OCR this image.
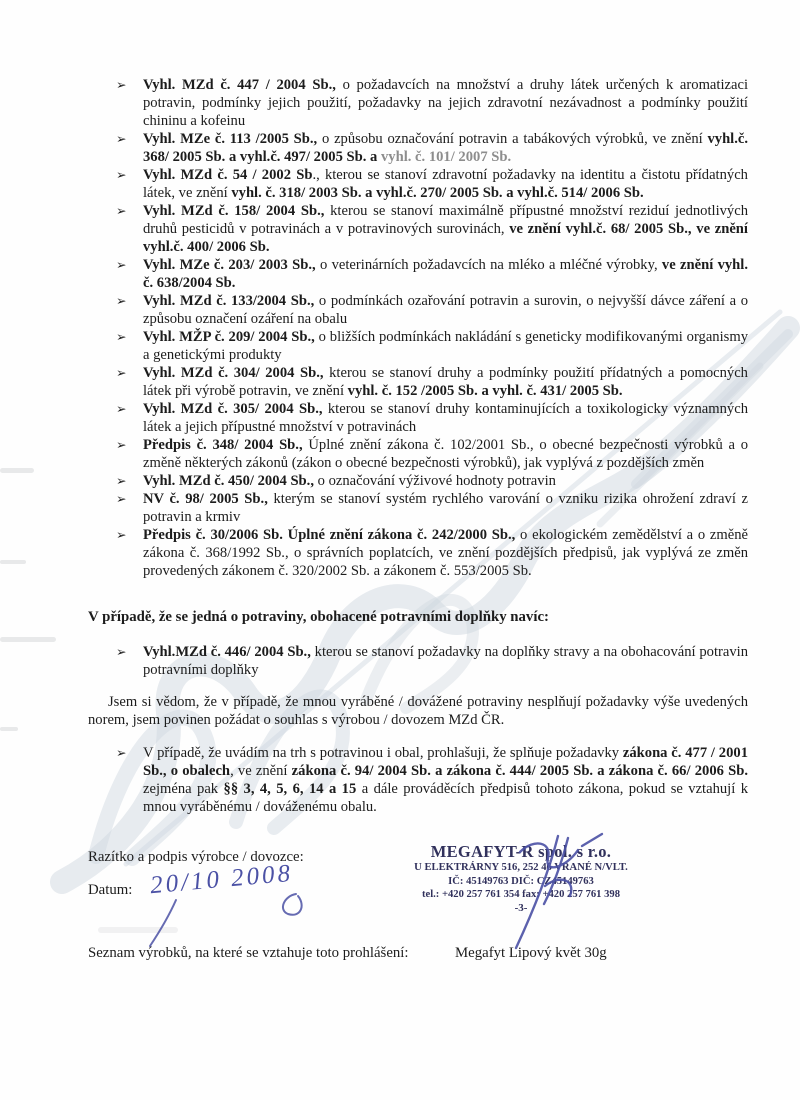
➢ Vyhl. MZd č. 447 / 2004 Sb., o požadavcích na množství a druhy látek určených k aromatizaci potravin, podmínky jejich použití, požadavky na jejich zdravotní nezávadnost a podmínky použití chininu a kofeinu
➢ Vyhl. MZe č. 113 /2005 Sb., o způsobu označování potravin a tabákových výrobků, ve znění vyhl.č. 368/ 2005 Sb. a vyhl.č. 497/ 2005 Sb. a vyhl. č. 101/ 2007 Sb.
➢ Vyhl. MZd č. 54 / 2002 Sb., kterou se stanoví zdravotní požadavky na identitu a čistotu přídatných látek, ve znění vyhl. č. 318/ 2003 Sb. a vyhl.č. 270/ 2005 Sb. a vyhl.č. 514/ 2006 Sb.
➢ Vyhl. MZd č. 158/ 2004 Sb., kterou se stanoví maximálně přípustné množství reziduí jednotlivých druhů pesticidů v potravinách a v potravinových surovinách, ve znění vyhl.č. 68/ 2005 Sb., ve znění vyhl.č. 400/ 2006 Sb.
➢ Vyhl. MZe č. 203/ 2003 Sb., o veterinárních požadavcích na mléko a mléčné výrobky, ve znění vyhl. č. 638/2004 Sb.
➢ Vyhl. MZd č. 133/2004 Sb., o podmínkách ozařování potravin a surovin, o nejvyšší dávce záření a o způsobu označení ozáření na obalu
➢ Vyhl. MŽP č. 209/ 2004 Sb., o bližších podmínkách nakládání s geneticky modifikovanými organismy a genetickými produkty
➢ Vyhl. MZd č. 304/ 2004 Sb., kterou se stanoví druhy a podmínky použití přídatných a pomocných látek při výrobě potravin, ve znění vyhl. č. 152 /2005 Sb. a vyhl. č. 431/ 2005 Sb.
➢ Vyhl. MZd č. 305/ 2004 Sb., kterou se stanoví druhy kontaminujících a toxikologicky významných látek a jejich přípustné množství v potravinách
➢ Předpis č. 348/ 2004 Sb., Úplné znění zákona č. 102/2001 Sb., o obecné bezpečnosti výrobků a o změně některých zákonů (zákon o obecné bezpečnosti výrobků), jak vyplývá z pozdějších změn
➢ Vyhl. MZd č. 450/ 2004 Sb., o označování výživové hodnoty potravin
➢ NV č. 98/ 2005 Sb., kterým se stanoví systém rychlého varování o vzniku rizika ohrožení zdraví z potravin a krmiv
➢ Předpis č. 30/2006 Sb. Úplné znění zákona č. 242/2000 Sb., o ekologickém zemědělství a o změně zákona č. 368/1992 Sb., o správních poplatcích, ve znění pozdějších předpisů, jak vyplývá ze změn provedených zákonem č. 320/2002 Sb. a zákonem č. 553/2005 Sb.
V případě, že se jedná o potraviny, obohacené potravními doplňky navíc:
➢ Vyhl.MZd č. 446/ 2004 Sb., kterou se stanoví požadavky na doplňky stravy a na obohacování potravin potravními doplňky

Jsem si vědom, že v případě, že mnou vyráběné / dovážené potraviny nesplňují požadavky výše uvedených norem, jsem povinen požádat o souhlas s výrobou / dovozem MZd ČR.

➢ V případě, že uvádím na trh s potravinou i obal, prohlašuji, že splňuje požadavky zákona č. 477 / 2001 Sb., o obalech, ve znění zákona č. 94/ 2004 Sb. a zákona č. 444/ 2005 Sb. a zákona č. 66/ 2006 Sb. zejména pak §§ 3, 4, 5, 6, 14 a 15 a dále prováděcích předpisů tohoto zákona, pokud se vztahují k mnou vyráběnému / dováženému obalu.
Razítko a podpis výrobce / dovozce:
Datum: 20/10 2008
MEGAFYT-R spol. s r.o.
U ELEKTRÁRNY 516, 252 46 VRANÉ N/VLT.
IČ: 45149763 DIČ: CZ45149763
tel.: +420 257 761 354 fax: +420 257 761 398
-3-
Seznam výrobků, na které se vztahuje toto prohlášení:	Megafyt Lipový květ 30g
